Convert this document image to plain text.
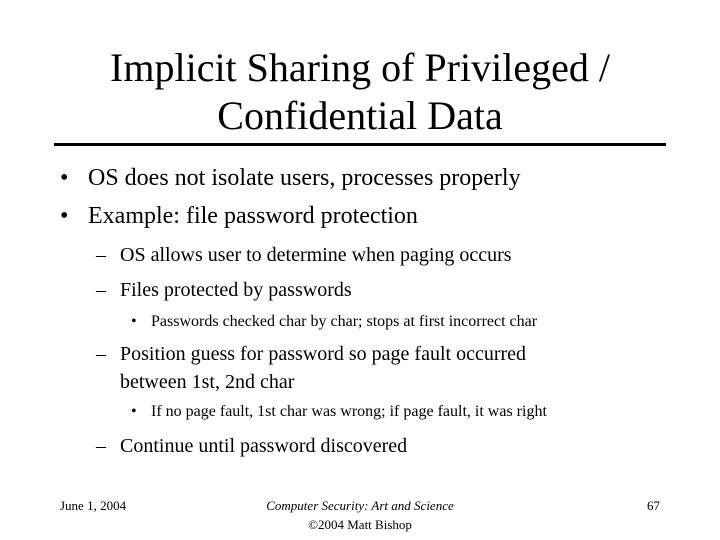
Implicit Sharing of Privileged /
Confidential Data
• OS does not isolate users, processes properly
• Example: file password protection
– OS allows user to determine when paging occurs
– Files protected by passwords
• Passwords checked char by char; stops at first incorrect char
– Position guess for password so page fault occurred
between 1st, 2nd char
• If no page fault, 1st char was wrong; if page fault, it was right
– Continue until password discovered
June 1, 2004	Computer Security: Art and Science
©2004 Matt Bishop
67
